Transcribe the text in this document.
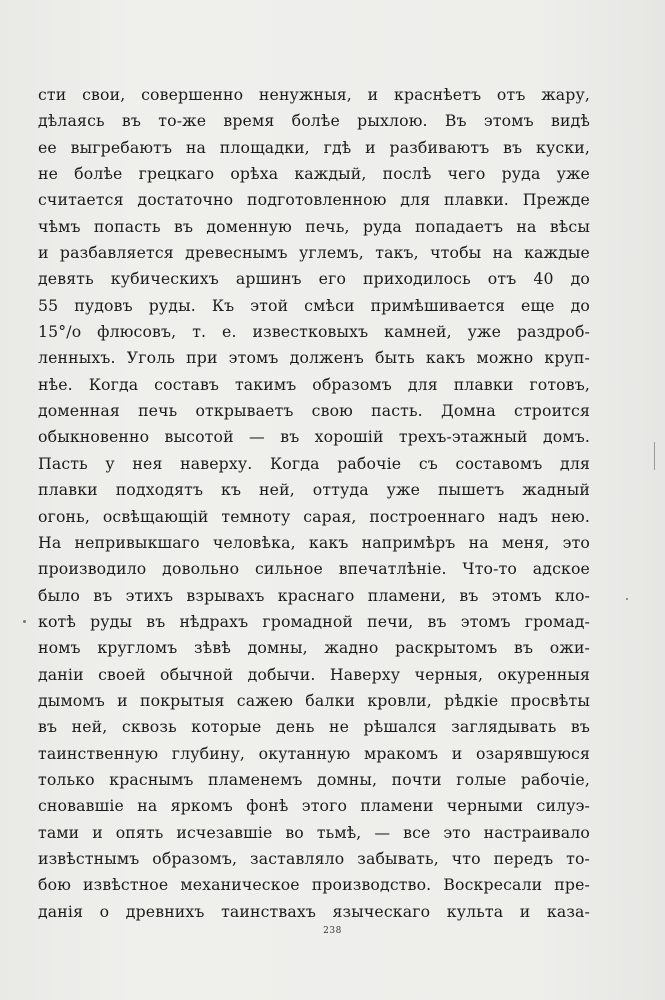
сти свои, совершенно ненужныя, и краснѣетъ отъ жару,
дѣлаясь въ то-же время болѣе рыхлою. Въ этомъ видѣ
ее выгребаютъ на площадки, гдѣ и разбиваютъ въ куски,
не болѣе грецкаго орѣха каждый, послѣ чего руда уже
считается достаточно подготовленною для плавки. Прежде
чѣмъ попасть въ доменную печь, руда попадаетъ на вѣсы
и разбавляется древеснымъ углемъ, такъ, чтобы на каждые
девять кубическихъ аршинъ его приходилось отъ 40 до
55 пудовъ руды. Къ этой смѣси примѣшивается еще до
15°/о флюсовъ, т. е. известковыхъ камней, уже раздроб-
ленныхъ. Уголь при этомъ долженъ быть какъ можно круп-
нѣе. Когда составъ такимъ образомъ для плавки готовъ,
доменная печь открываетъ свою пасть. Домна строится
обыкновенно высотой — въ хорошій трехъ-этажный домъ.
Пасть у нея наверху. Когда рабочіе съ составомъ для
плавки подходятъ къ ней, оттуда уже пышетъ жадный
огонь, освѣщающій темноту сарая, построеннаго надъ нею.
На непривыкшаго человѣка, какъ напримѣръ на меня, это
производило довольно сильное впечатлѣніе. Что-то адское
было въ этихъ взрывахъ краснаго пламени, въ этомъ кло-
котѣ руды въ нѣдрахъ громадной печи, въ этомъ громад-
номъ кругломъ зѣвѣ домны, жадно раскрытомъ въ ожи-
даніи своей обычной добычи. Наверху черныя, окуренныя
дымомъ и покрытыя сажею балки кровли, рѣдкіе просвѣты
въ ней, сквозь которые день не рѣшался заглядывать въ
таинственную глубину, окутанную мракомъ и озарявшуюся
только краснымъ пламенемъ домны, почти голые рабочіе,
сновавшіе на яркомъ фонѣ этого пламени черными силуэ-
тами и опять исчезавшіе во тьмѣ, — все это настраивало
извѣстнымъ образомъ, заставляло забывать, что передъ то-
бою извѣстное механическое производство. Воскресали пре-
данія о древнихъ таинствахъ языческаго культа и каза-
238
